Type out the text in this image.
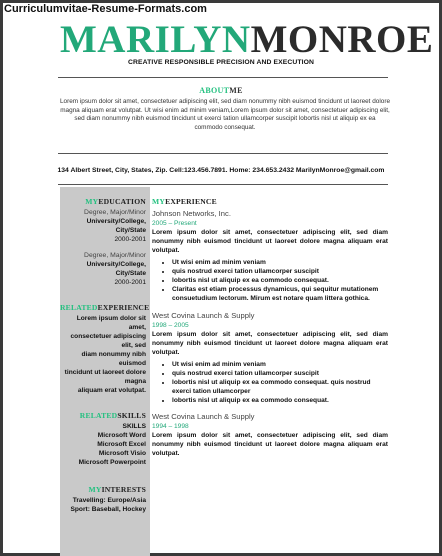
Curriculumvitae-Resume-Formats.com
MARILYNMONROE
CREATIVE RESPONSIBLE PRECISION AND EXECUTION
ABOUTME
Lorem ipsum dolor sit amet, consectetuer adipiscing elit, sed diam nonummy nibh euismod tincidunt ut laoreet dolore magna aliquam erat volutpat. Ut wisi enim ad minim veniam,Lorem ipsum dolor sit amet, consectetuer adipiscing elit, sed diam nonummy nibh euismod tincidunt ut exerci tation ullamcorper suscipit lobortis nisl ut aliquip ex ea commodo consequat.
134 Albert Street, City, States, Zip. Cell:123.456.7891. Home: 234.653.2432 MarilynMonroe@gmail.com
MYEDUCATION
Degree, Major/Minor
University/College, City/State
2000-2001
Degree, Major/Minor
University/College, City/State
2000-2001
RELATEDEXPERIENCE
Lorem ipsum dolor sit amet,
consectetuer adipiscing elit, sed
diam nonummy nibh euismod
tincidunt ut laoreet dolore magna
aliquam erat volutpat.
RELATEDSKILLS
SKILLS
Microsoft Word
Microsoft Excel
Microsoft Visio
Microsoft Powerpoint
MYINTERESTS
Travelling: Europe/Asia
Sport: Baseball, Hockey
MYEXPERIENCE
Johnson Networks, Inc.
2005 – Present
Lorem ipsum dolor sit amet, consectetuer adipiscing elit, sed diam nonummy nibh euismod tincidunt ut laoreet dolore magna aliquam erat volutpat.
• Ut wisi enim ad minim veniam
• quis nostrud exerci tation ullamcorper suscipit
• lobortis nisl ut aliquip ex ea commodo consequat.
• Claritas est etiam processus dynamicus, qui sequitur mutationem consuetudium lectorum. Mirum est notare quam littera gothica.
West Covina Launch & Supply
1998 – 2005
Lorem ipsum dolor sit amet, consectetuer adipiscing elit, sed diam nonummy nibh euismod tincidunt ut laoreet dolore magna aliquam erat volutpat.
• Ut wisi enim ad minim veniam
• quis nostrud exerci tation ullamcorper suscipit
• lobortis nisl ut aliquip ex ea commodo consequat. quis nostrud exerci tation ullamcorper
• lobortis nisl ut aliquip ex ea commodo consequat.
West Covina Launch & Supply
1994 – 1998
Lorem ipsum dolor sit amet, consectetuer adipiscing elit, sed diam nonummy nibh euismod tincidunt ut laoreet dolore magna aliquam erat volutpat.
